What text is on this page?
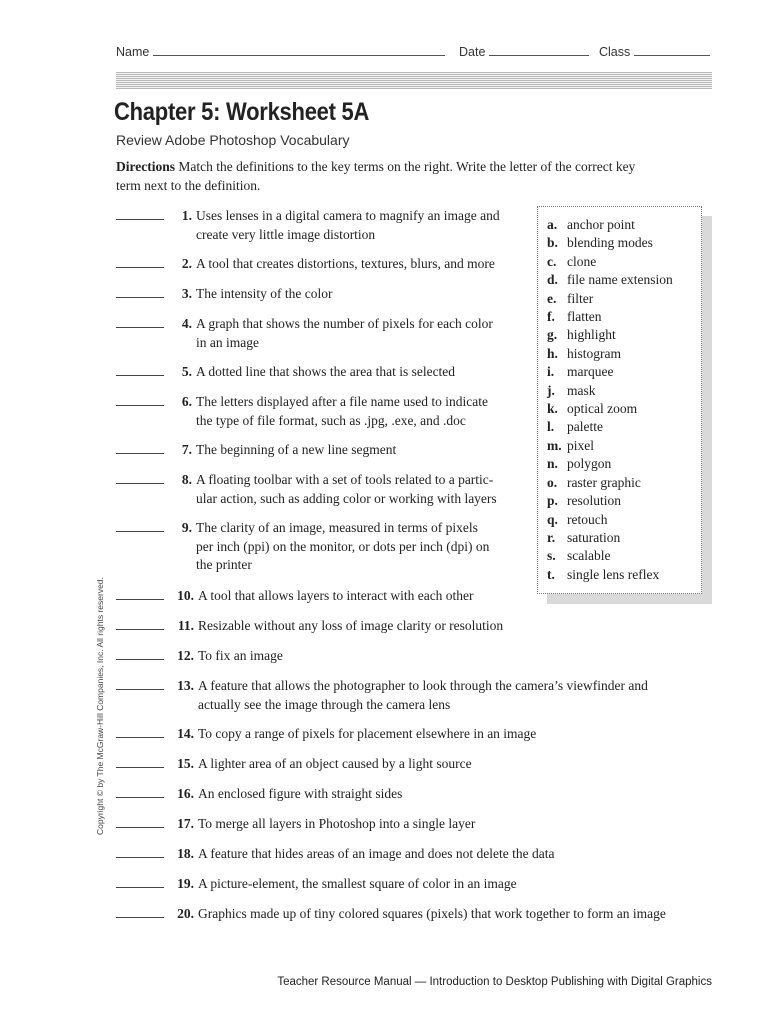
Name	Date	Class
Chapter 5: Worksheet 5A
Review Adobe Photoshop Vocabulary
Directions Match the definitions to the key terms on the right. Write the letter of the correct key term next to the definition.
a. anchor point
b. blending modes
c. clone
d. file name extension
e. filter
f. flatten
g. highlight
h. histogram
i. marquee
j. mask
k. optical zoom
l. palette
m. pixel
n. polygon
o. raster graphic
p. resolution
q. retouch
r. saturation
s. scalable
t. single lens reflex
1. Uses lenses in a digital camera to magnify an image and
create very little image distortion
2. A tool that creates distortions, textures, blurs, and more
3. The intensity of the color
4. A graph that shows the number of pixels for each color
in an image
5. A dotted line that shows the area that is selected
6. The letters displayed after a file name used to indicate
the type of file format, such as .jpg, .exe, and .doc
7. The beginning of a new line segment
8. A floating toolbar with a set of tools related to a partic-
ular action, such as adding color or working with layers
9. The clarity of an image, measured in terms of pixels
per inch (ppi) on the monitor, or dots per inch (dpi) on
the printer
10. A tool that allows layers to interact with each other
11. Resizable without any loss of image clarity or resolution
12. To fix an image
13. A feature that allows the photographer to look through the camera’s viewfinder and
actually see the image through the camera lens
14. To copy a range of pixels for placement elsewhere in an image
15. A lighter area of an object caused by a light source
16. An enclosed figure with straight sides
17. To merge all layers in Photoshop into a single layer
18. A feature that hides areas of an image and does not delete the data
19. A picture-element, the smallest square of color in an image
20. Graphics made up of tiny colored squares (pixels) that work together to form an image
Copyright © by The McGraw-Hill Companies, Inc. All rights reserved.
Teacher Resource Manual — Introduction to Desktop Publishing with Digital Graphics
